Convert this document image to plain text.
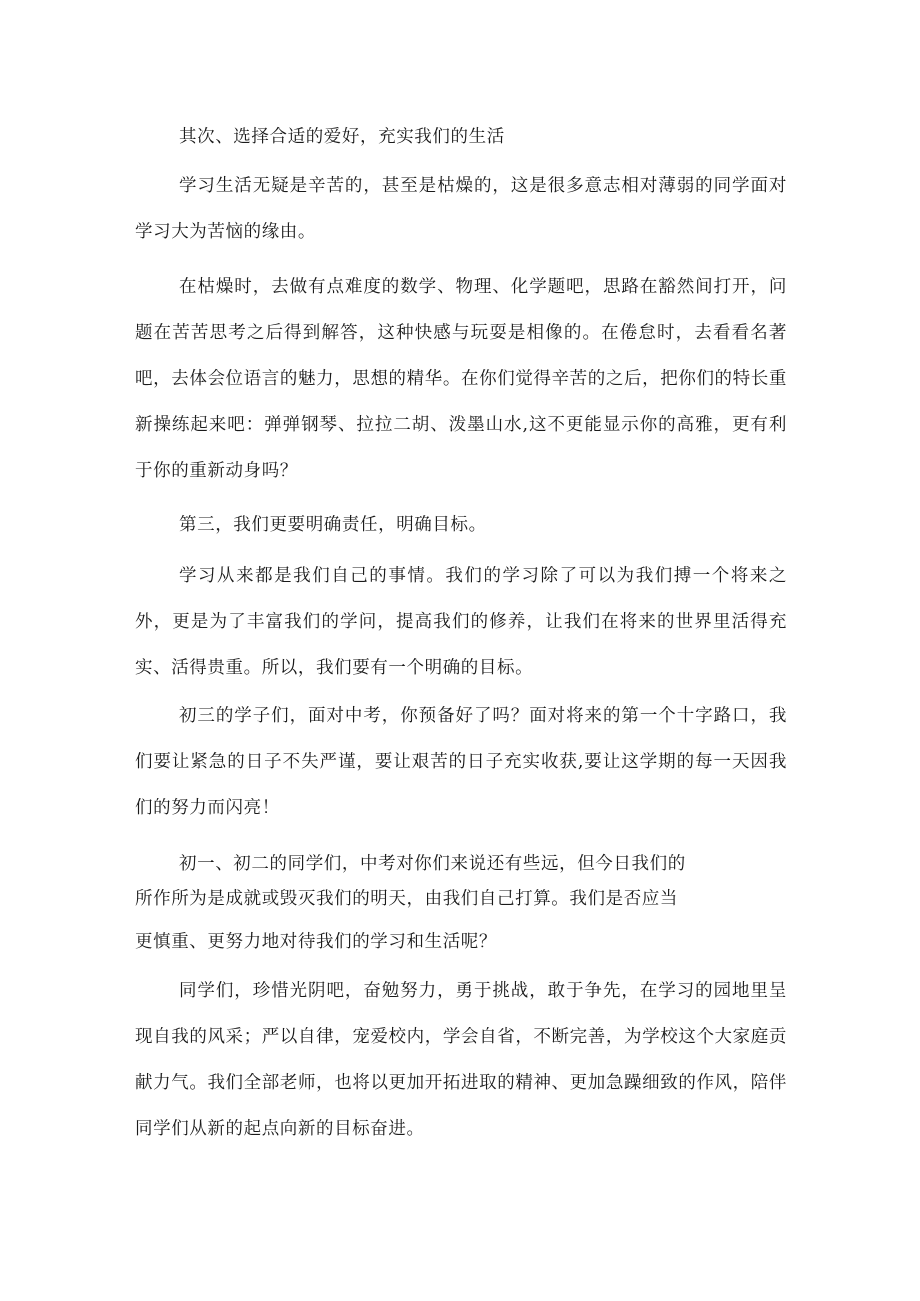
其次、选择合适的爱好，充实我们的生活

学习生活无疑是辛苦的，甚至是枯燥的，这是很多意志相对薄弱的同学面对学习大为苦恼的缘由。

在枯燥时，去做有点难度的数学、物理、化学题吧，思路在豁然间打开，问题在苦苦思考之后得到解答，这种快感与玩耍是相像的。在倦怠时，去看看名著吧，去体会位语言的魅力，思想的精华。在你们觉得辛苦的之后，把你们的特长重新操练起来吧：弹弹钢琴、拉拉二胡、泼墨山水,这不更能显示你的高雅，更有利于你的重新动身吗？

第三，我们更要明确责任，明确目标。

学习从来都是我们自己的事情。我们的学习除了可以为我们搏一个将来之外，更是为了丰富我们的学问，提高我们的修养，让我们在将来的世界里活得充实、活得贵重。所以，我们要有一个明确的目标。

初三的学子们，面对中考，你预备好了吗？面对将来的第一个十字路口，我们要让紧急的日子不失严谨，要让艰苦的日子充实收获,要让这学期的每一天因我们的努力而闪亮！

初一、初二的同学们，中考对你们来说还有些远，但今日我们的

所作所为是成就或毁灭我们的明天，由我们自己打算。我们是否应当

更慎重、更努力地对待我们的学习和生活呢？

同学们，珍惜光阴吧，奋勉努力，勇于挑战，敢于争先，在学习的园地里呈现自我的风采；严以自律，宠爱校内，学会自省，不断完善，为学校这个大家庭贡献力气。我们全部老师，也将以更加开拓进取的精神、更加急躁细致的作风，陪伴同学们从新的起点向新的目标奋进。
